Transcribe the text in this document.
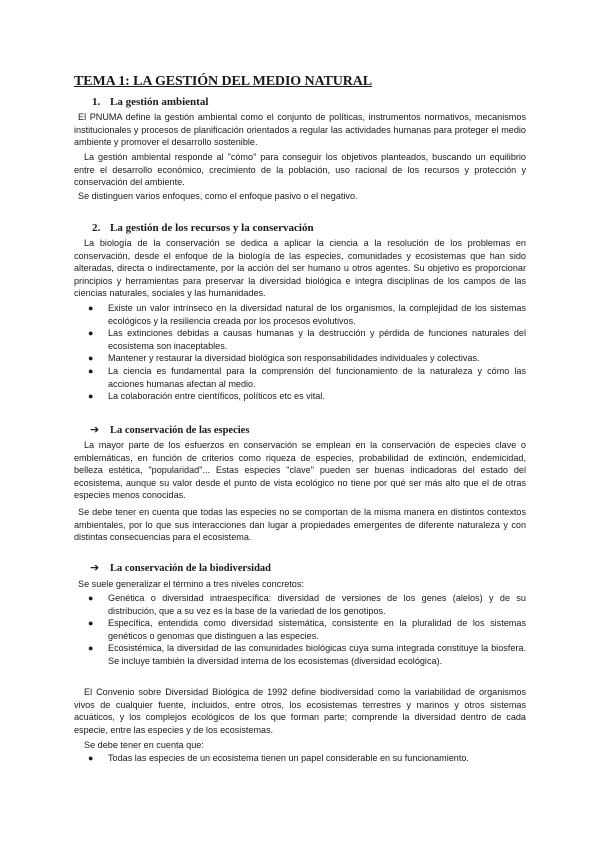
TEMA 1: LA GESTIÓN DEL MEDIO NATURAL
1. La gestión ambiental

El PNUMA define la gestión ambiental como el conjunto de políticas, instrumentos normativos, mecanismos institucionales y procesos de planificación orientados a regular las actividades humanas para proteger el medio ambiente y promover el desarrollo sostenible.

La gestión ambiental responde al "cómo" para conseguir los objetivos planteados, buscando un equilibrio entre el desarrollo económico, crecimiento de la población, uso racional de los recursos y protección y conservación del ambiente.

Se distinguen varios enfoques, como el enfoque pasivo o el negativo.

2. La gestión de los recursos y la conservación

La biología de la conservación se dedica a aplicar la ciencia a la resolución de los problemas en conservación, desde el enfoque de la biología de las especies, comunidades y ecosistemas que han sido alteradas, directa o indirectamente, por la acción del ser humano u otros agentes. Su objetivo es proporcionar principios y herramientas para preservar la diversidad biológica e integra disciplinas de los campos de las ciencias naturales, sociales y las humanidades.

● Existe un valor intrínseco en la diversidad natural de los organismos, la complejidad de los sistemas ecológicos y la resiliencia creada por los procesos evolutivos.
● Las extinciones debidas a causas humanas y la destrucción y pérdida de funciones naturales del ecosistema son inaceptables.
● Mantener y restaurar la diversidad biológica son responsabilidades individuales y colectivas.
● La ciencia es fundamental para la comprensión del funcionamiento de la naturaleza y cómo las acciones humanas afectan al medio.
● La colaboración entre científicos, políticos etc es vital.
➔ La conservación de las especies

La mayor parte de los esfuerzos en conservación se emplean en la conservación de especies clave o emblemáticas, en función de criterios como riqueza de especies, probabilidad de extinción, endemicidad, belleza estética, "popularidad"... Estas especies "clave" pueden ser buenas indicadoras del estado del ecosistema, aunque su valor desde el punto de vista ecológico no tiene por qué ser más alto que el de otras especies menos conocidas.

Se debe tener en cuenta que todas las especies no se comportan de la misma manera en distintos contextos ambientales, por lo que sus interacciones dan lugar a propiedades emergentes de diferente naturaleza y con distintas consecuencias para el ecosistema.

➔ La conservación de la biodiversidad

Se suele generalizar el término a tres niveles concretos:

● Genética o diversidad intraespecífica: diversidad de versiones de los genes (alelos) y de su distribución, que a su vez es la base de la variedad de los genotipos.
● Específica, entendida como diversidad sistemática, consistente en la pluralidad de los sistemas genéticos o genomas que distinguen a las especies.
● Ecosistémica, la diversidad de las comunidades biológicas cuya suma integrada constituye la biosfera. Se incluye también la diversidad interna de los ecosistemas (diversidad ecológica).

El Convenio sobre Diversidad Biológica de 1992 define biodiversidad como la variabilidad de organismos vivos de cualquier fuente, incluidos, entre otros, los ecosistemas terrestres y marinos y otros sistemas acuáticos, y los complejos ecológicos de los que forman parte; comprende la diversidad dentro de cada especie, entre las especies y de los ecosistemas.

Se debe tener en cuenta que:

● Todas las especies de un ecosistema tienen un papel considerable en su funcionamiento.
